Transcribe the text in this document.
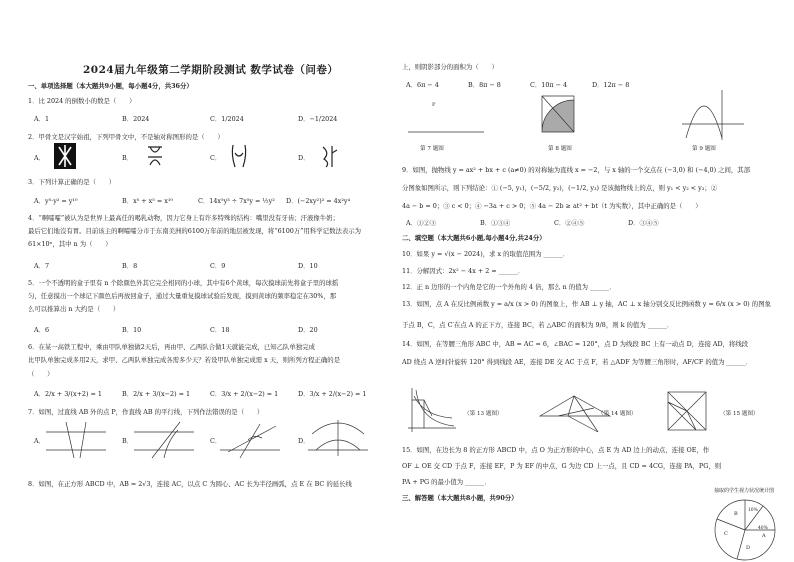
2024届九年级第二学期阶段测试 数学试卷（问卷）
一、单项选择题（本大题共9小题，每小题4分，共36分）
1．比 2024 的倒数小的数是（　　）
A．1	B．2024	C．1/2024	D．−1/2024
2．甲骨文是汉字始祖，下列甲骨文中，不是轴对称图形的是（　　）
A．	B．	C．	D．
3．下列计算正确的是（　　）
A．y⁵·y² = y¹⁰	B．x⁵ + x⁵ = x¹⁰	C．14x⁵y³ ÷ 7x⁵y = ½y² D．(−2xy²)² = 4x²y⁴
4．“啊嚯嚯”被认为是世界上最高任的喝乳动物，因力它身上有许多特殊的结构：嘴里没有牙齿；汗液像牛奶；
最后它们地沒有胃。目前该主的啊嚯嚯分市于东南美洲的6100万年前的地层被发现，将“6100万”用科学记数法表示为
61×10ⁿ，其中 n 为（　　）
A．7	B．8	C．9	D．10
5．一个不透明的盒子里有 n 个除颜色外其它完全相同的小球，其中有6个黄球，每次摸球前先将盒子里的球摇
匀，任意摸出一个球记下颜色后再放回盒子，通过大量重复摸球试验后发现，摸到黄球的频率稳定在30%，那
么可以推算出 n 大约是（　　）
A．6	B．10	C．18	D．20
6．在某一高铁工程中，乘由甲队单独做2天后，再由甲、乙两队合做1天就能完成，已知乙队单独完成
比甲队单独完成多用2天，求甲、乙两队单独完成各需多少天？若设甲队单独完成需 x 天，则所列方程正确的是
（　　）
A．2/x + 3/(x+2) = 1	B．2/x + 3/(x−2) = 1	C．3/x + 2/(x−2) = 1	D．3/x + 2/(x−2) = 1
7．如图，过直线 AB 外的点 P，作直线 AB 的平行线，下列作法错误的是（　　）
A．	B．	C．	D．
8．如图，在正方形 ABCD 中，AB = 2√3，连接 AC，以点 C 为圆心、AC 长为半径画弧，点 E 在 BC 的延长线
上，则阴影部分的面积为（　　）
A．6π − 4	B．8π − 8	C．10π − 4	D．12π − 8
P
第 7 题图	第 8 题图	第 9 题图
9．如图，抛物线 y = ax² + bx + c (a≠0) 的对称轴为直线 x = −2，与 x 轴的一个交点在 (−3,0) 和 (−4,0) 之间，其部
分图象如图所示，则下列结论：① (−5, y₁)，(−5/2, y₂)，(−1/2, y₃) 是该抛物线上的点，则 y₁ < y₂ < y₃；②
4a − b = 0；③ c < 0；④ −3a + c > 0；⑤ 4a − 2b ≥ at² + bt（t 为实数），其中正确的是（　　）
A．①②③	B．①③④	C．②④⑤	D．③④⑤
二、填空题（本大题共6小题,每小题4分,共24分）
10．如果 y = √(x − 2024)，求 x 的取值范围为 ______．
11．分解因式：2x² − 4x + 2 = ______．
12．正 n 边形的一个内角是它的一个外角的 4 倍，那么 n 的值为 ______．
13．如图，点 A 在反比例函数 y = a/x (x > 0) 的图象上，作 AB ⊥ y 轴，AC ⊥ x 轴分别交反比例函数 y = 6/x (x > 0) 的图象
于点 B，C，点 C′在点 A 的正下方，连接 BC，若 △ABC 的面积为 9/8，则 k 的值为 ______．
14．如图，在等腰三角形 ABC 中，AB = AC = 6，∠BAC = 120°，点 D 为线段 BC 上有一动点 D，连接 AD，将线段
AD 绕点 A 逆时针旋转 120° 得到线段 AE，连接 DE 交 AC 于点 F，若 △ADF 为等腰三角形时，AF/CF 的值为 ______．
（第 13 题图）	（第 14 题图）	（第 15 题图）
15．如图，在边长为 8 的正方形 ABCD 中，点 O 为正方形的中心，点 E 为 AD 边上的动点，连接 OE，作
OF ⊥ OE 交 CD 于点 F，连接 EF，P 为 EF 的中点，G 为边 CD 上一点，且 CD = 4CG，连接 PA，PG，则
PA + PG 的最小值为 ______．
三、解答题（本大题共8小题，共90分）
抽取的学生视力状况统计图
10%
B
C
D
40%
A
